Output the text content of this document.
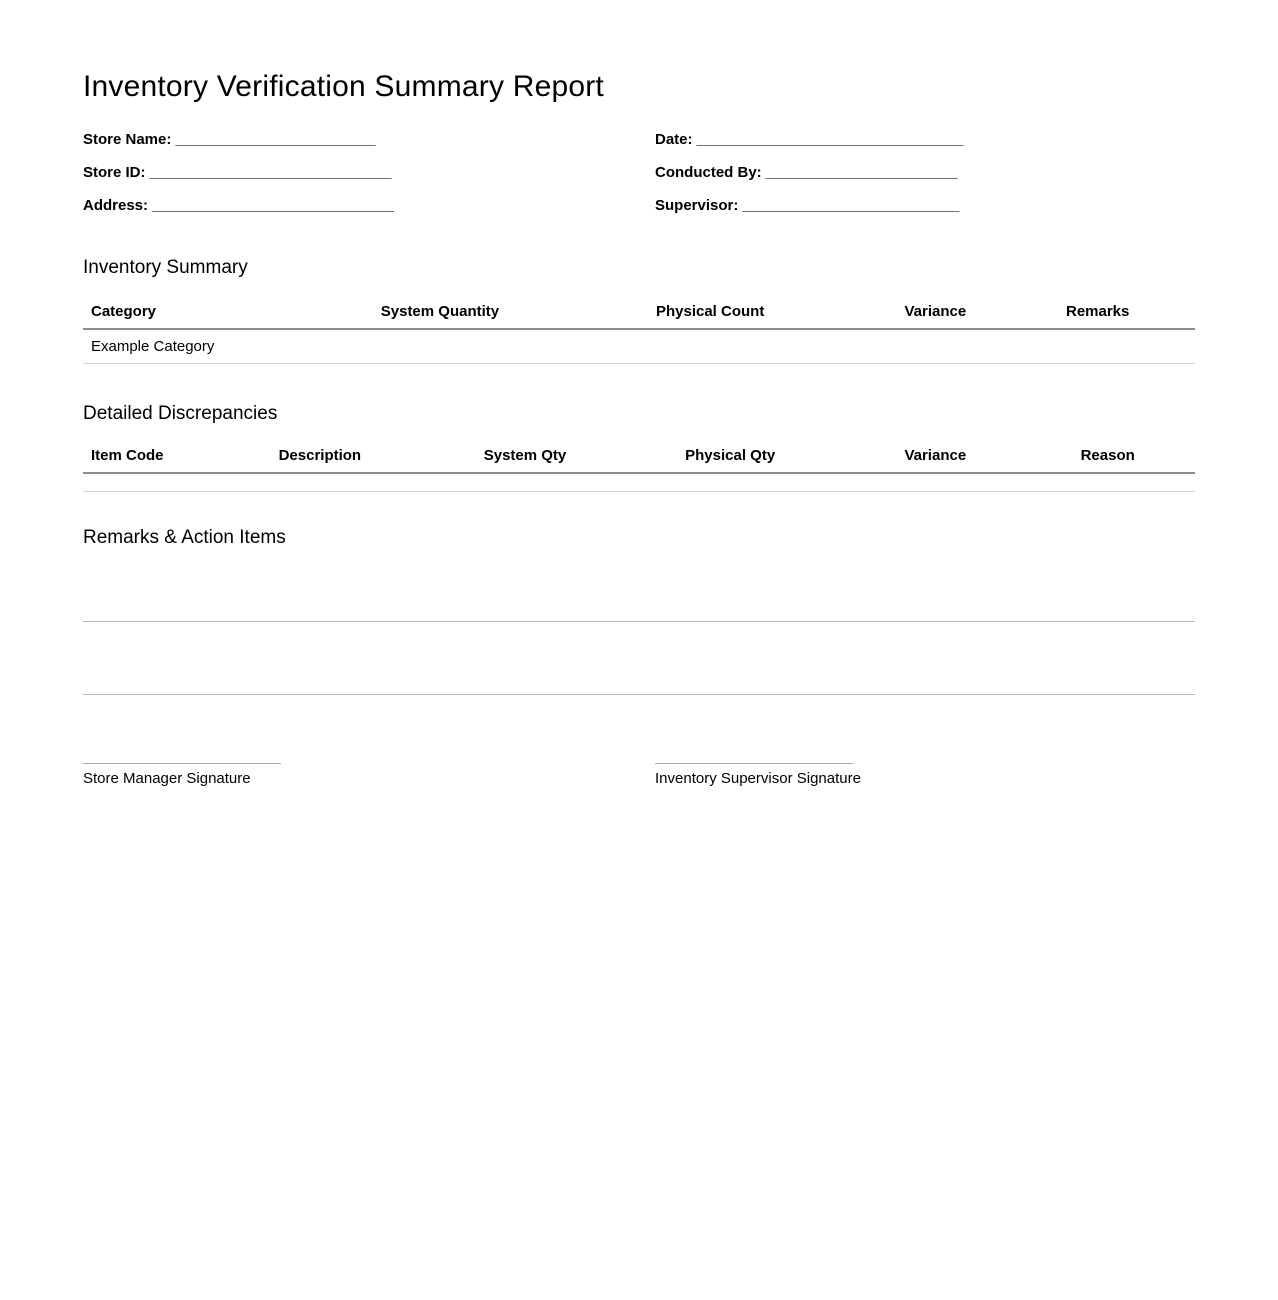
Inventory Verification Summary Report
Store Name: ________________________	Date: ________________________________
Store ID: _____________________________	Conducted By: _______________________
Address: _____________________________	Supervisor: __________________________
Inventory Summary
Category	System Quantity	Physical Count	Variance	Remarks
Example Category				
Detailed Discrepancies
Item Code	Description	System Qty	Physical Qty	Variance	Reason

Remarks & Action Items
Store Manager Signature	Inventory Supervisor Signature
